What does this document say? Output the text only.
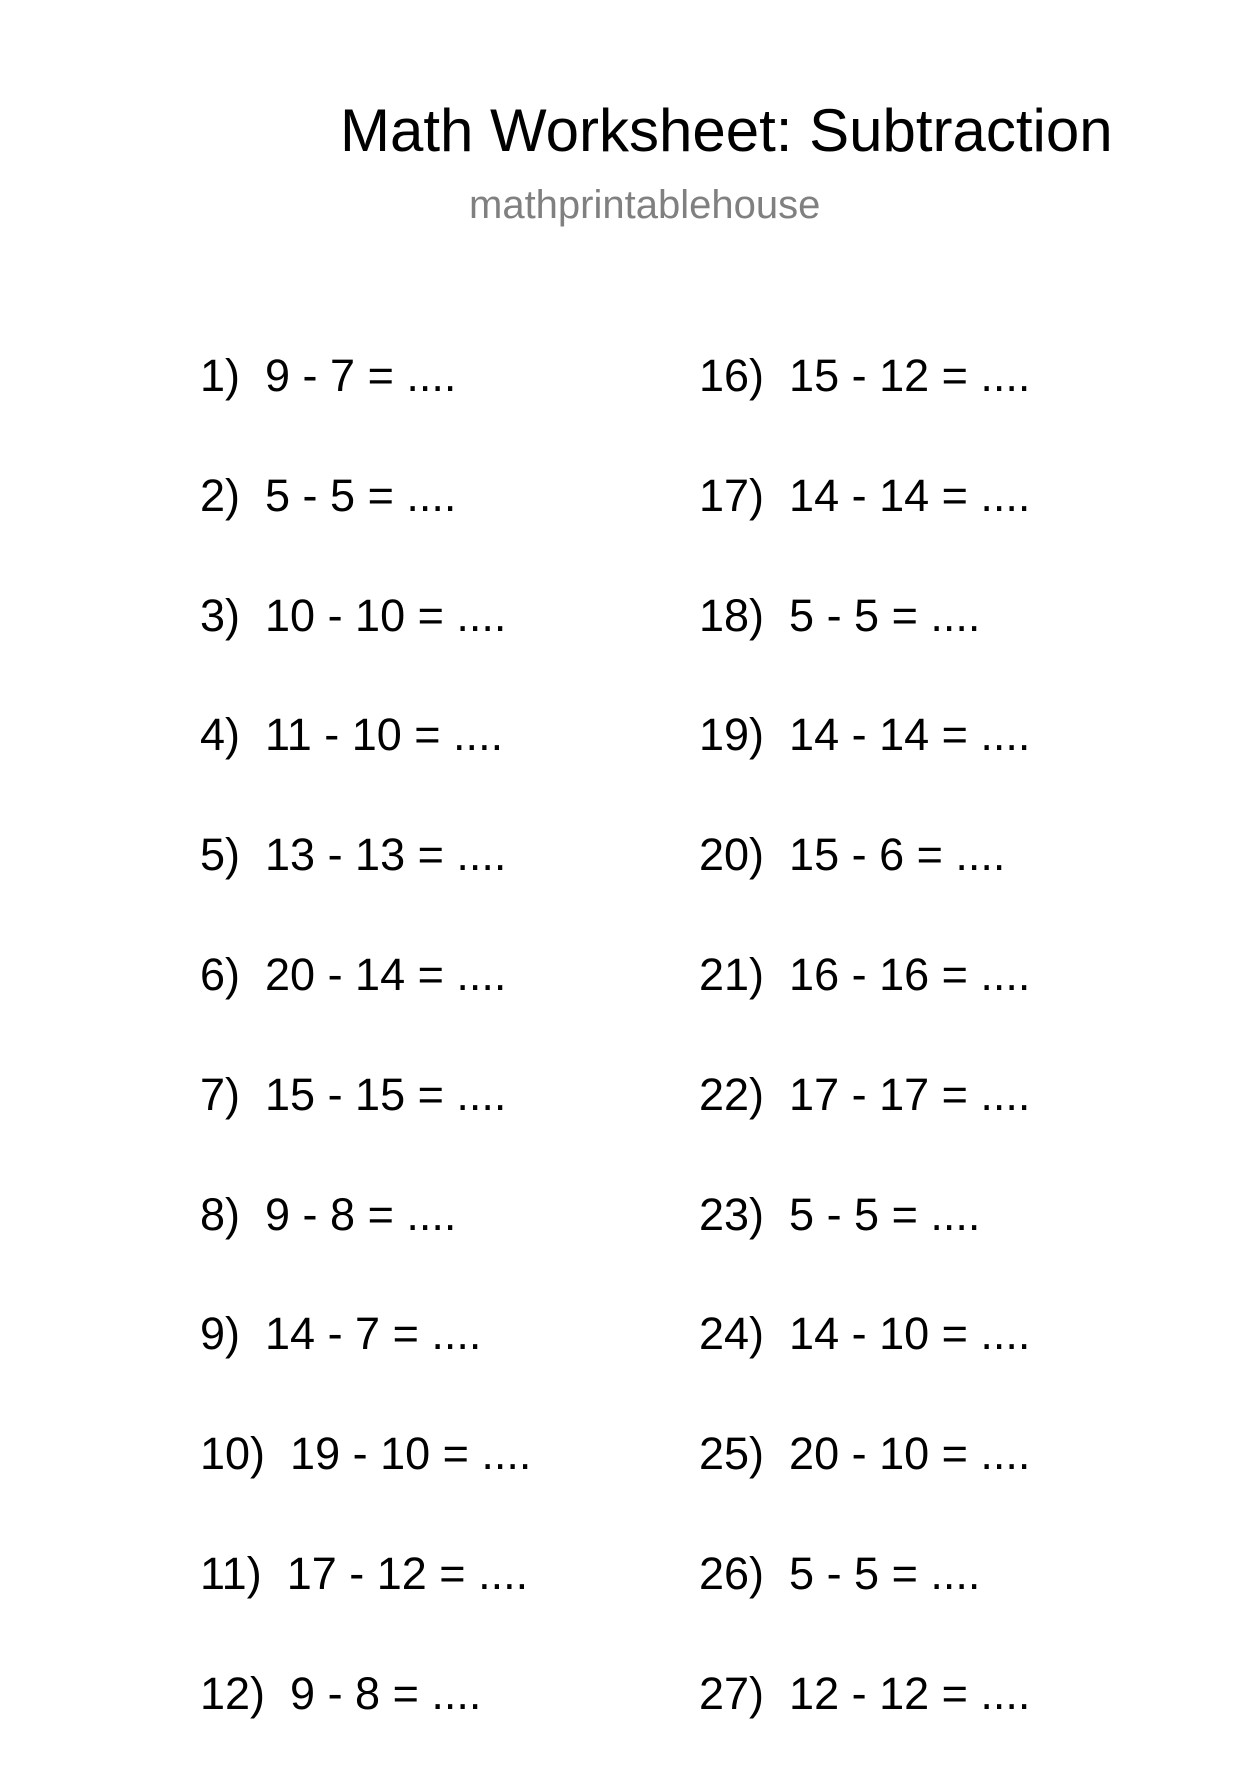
Math Worksheet: Subtraction
mathprintablehouse
1)  9 - 7 = ....
2)  5 - 5 = ....
3)  10 - 10 = ....
4)  11 - 10 = ....
5)  13 - 13 = ....
6)  20 - 14 = ....
7)  15 - 15 = ....
8)  9 - 8 = ....
9)  14 - 7 = ....
10)  19 - 10 = ....
11)  17 - 12 = ....
12)  9 - 8 = ....
16)  15 - 12 = ....
17)  14 - 14 = ....
18)  5 - 5 = ....
19)  14 - 14 = ....
20)  15 - 6 = ....
21)  16 - 16 = ....
22)  17 - 17 = ....
23)  5 - 5 = ....
24)  14 - 10 = ....
25)  20 - 10 = ....
26)  5 - 5 = ....
27)  12 - 12 = ....
